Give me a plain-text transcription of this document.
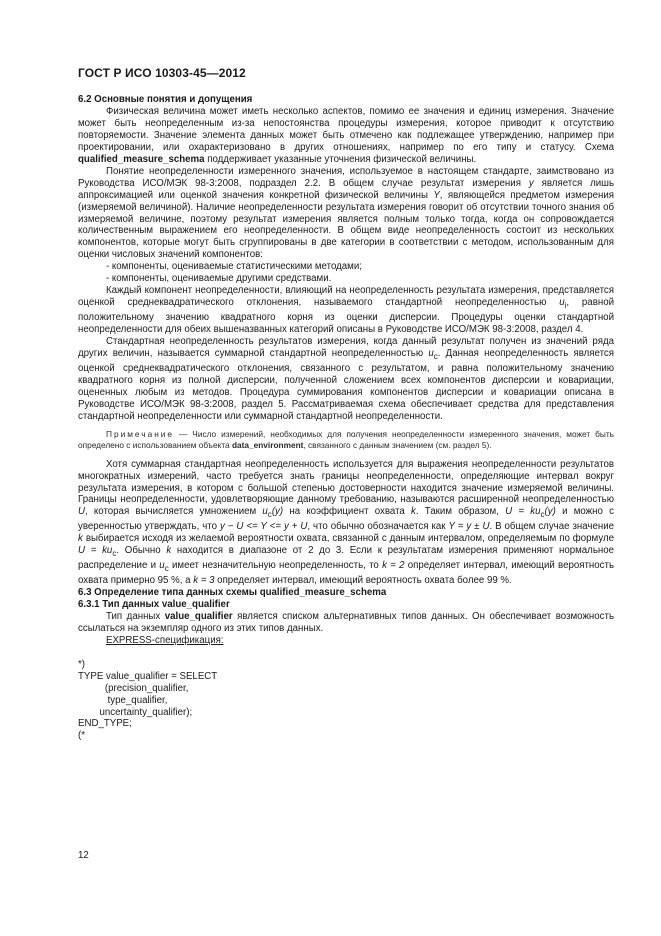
ГОСТ Р ИСО 10303-45—2012

6.2 Основные понятия и допущения

Физическая величина может иметь несколько аспектов, помимо ее значения и единиц измерения. Значение может быть неопределенным из-за непостоянства процедуры измерения, которое приводит к отсутствию повторяемости. Значение элемента данных может быть отмечено как подлежащее утверждению, например при проектировании, или охарактеризовано в других отношениях, например по его типу и статусу. Схема qualified_measure_schema поддерживает указанные уточнения физической величины.

Понятие неопределенности измеренного значения, используемое в настоящем стандарте, заимствовано из Руководства ИСО/МЭК 98-3:2008, подраздел 2.2. В общем случае результат измерения y является лишь аппроксимацией или оценкой значения конкретной физической величины Y, являющейся предметом измерения (измеряемой величиной). Наличие неопределенности результата измерения говорит об отсутствии точного знания об измеряемой величине, поэтому результат измерения является полным только тогда, когда он сопровождается количественным выражением его неопределенности. В общем виде неопределенность состоит из нескольких компонентов, которые могут быть сгруппированы в две категории в соответствии с методом, использованным для оценки числовых значений компонентов:

- компоненты, оцениваемые статистическими методами;

- компоненты, оцениваемые другими средствами.

Каждый компонент неопределенности, влияющий на неопределенность результата измерения, представляется оценкой среднеквадратического отклонения, называемого стандартной неопределенностью $u_i$, равной положительному значению квадратного корня из оценки дисперсии. Процедуры оценки стандартной неопределенности для обеих вышеназванных категорий описаны в Руководстве ИСО/МЭК 98-3:2008, раздел 4.

Стандартная неопределенность результатов измерения, когда данный результат получен из значений ряда других величин, называется суммарной стандартной неопределенностью $u_c$. Данная неопределенность является оценкой среднеквадратического отклонения, связанного с результатом, и равна положительному значению квадратного корня из полной дисперсии, полученной сложением всех компонентов дисперсии и ковариации, оцененных любым из методов. Процедура суммирования компонентов дисперсии и ковариации описана в Руководстве ИСО/МЭК 98-3:2008, раздел 5. Рассматриваемая схема обеспечивает средства для представления стандартной неопределенности или суммарной стандартной неопределенности.

Примечание — Число измерений, необходимых для получения неопределенности измеренного значения, может быть определено с использованием объекта data_environment, связанного с данным значением (см. раздел 5).

Хотя суммарная стандартная неопределенность используется для выражения неопределенности результатов многократных измерений, часто требуется знать границы неопределенности, определяющие интервал вокруг результата измерения, в котором с большой степенью достоверности находится значение измеряемой величины. Границы неопределенности, удовлетворяющие данному требованию, называются расширенной неопределенностью U, которая вычисляется умножением $u_c(y)$ на коэффициент охвата k. Таким образом, $U = ku_c(y)$ и можно с уверенностью утверждать, что y − U <= Y <= y + U, что обычно обозначается как Y = y ± U. В общем случае значение k выбирается исходя из желаемой вероятности охвата, связанной с данным интервалом, определяемым по формуле $U = ku_c$. Обычно k находится в диапазоне от 2 до 3. Если к результатам измерения применяют нормальное распределение и $u_c$ имеет незначительную неопределенность, то k = 2 определяет интервал, имеющий вероятность охвата примерно 95 %, а k = 3 определяет интервал, имеющий вероятность охвата более 99 %.

6.3 Определение типа данных схемы qualified_measure_schema

6.3.1 Тип данных value_qualifier

Тип данных value_qualifier является списком альтернативных типов данных. Он обеспечивает возможность ссылаться на экземпляр одного из этих типов данных.

EXPRESS-спецификация:

*)
TYPE value_qualifier = SELECT
(precision_qualifier,
type_qualifier,
uncertainty_qualifier);
END_TYPE;
(*
12
